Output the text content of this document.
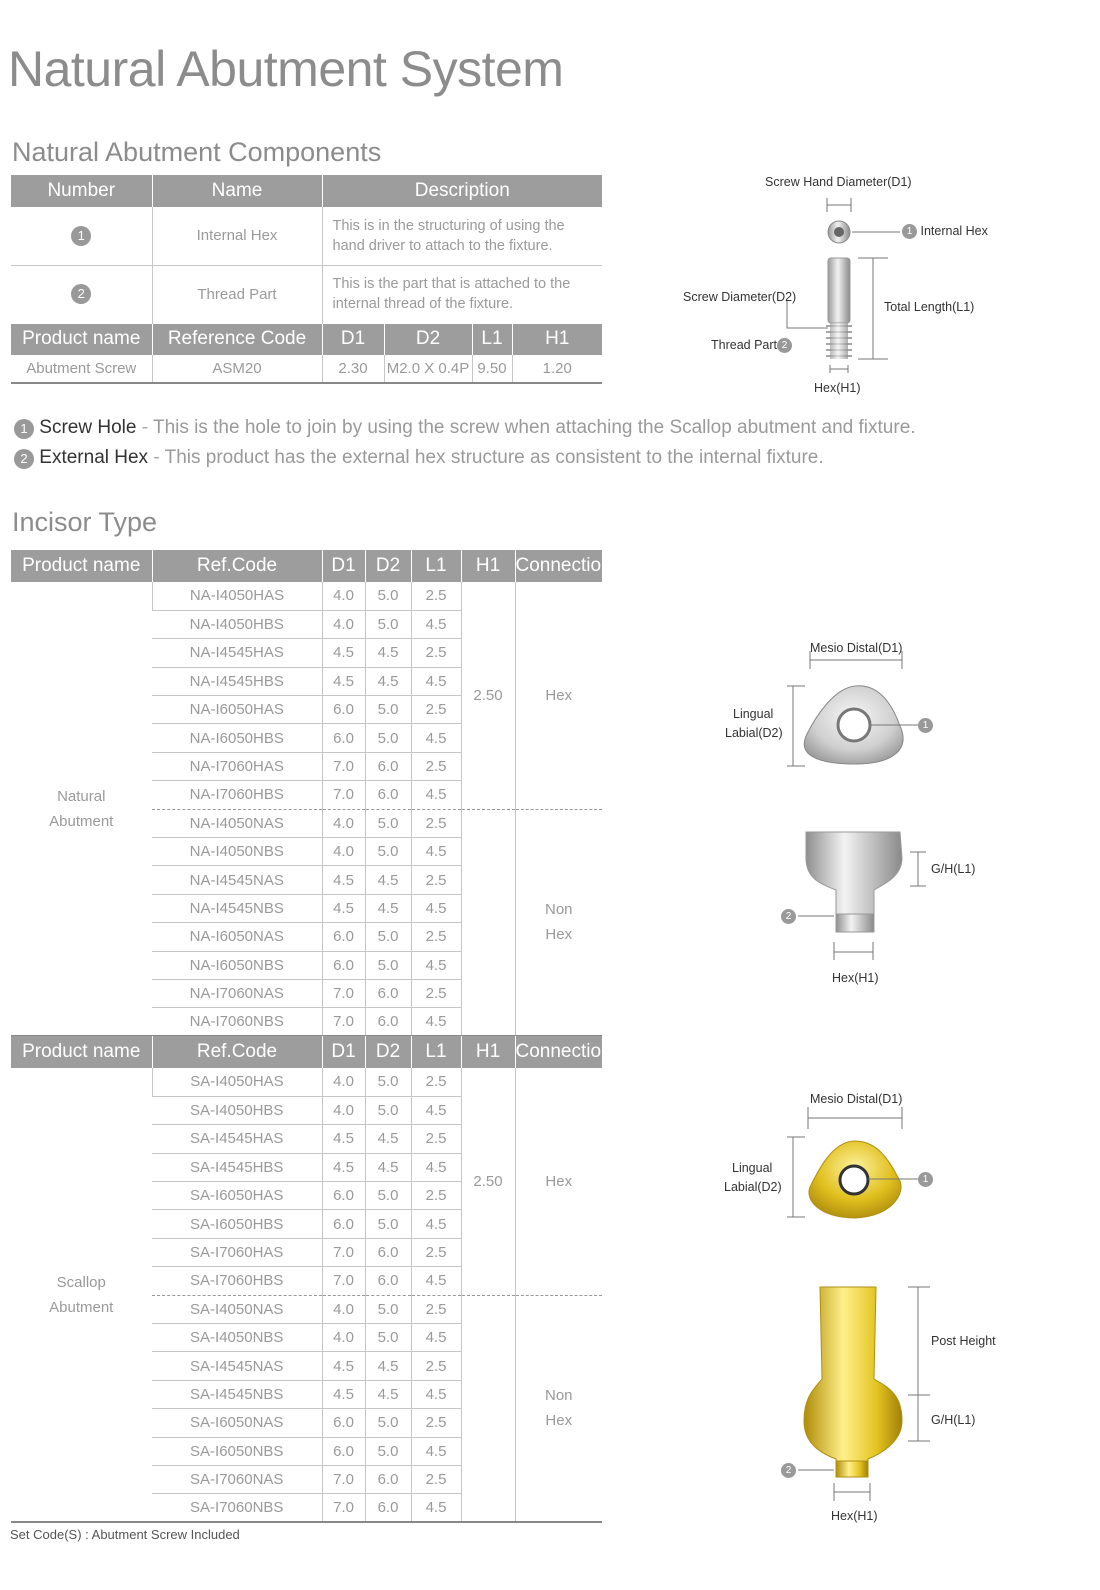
Natural Abutment System
Natural Abutment Components
Number	Name	Description			
1	Internal Hex	This is in the structuring of using the hand driver to attach to the fixture.			
2	Thread Part	This is the part that is attached to the internal thread of the fixture.			
Product name	Reference Code	D1	D2	L1	H1
Abutment Screw	ASM20	2.30	M2.0 X 0.4P	9.50	1.20
Screw Hand Diameter(D1)
1 Internal Hex
Screw Diameter(D2)
Total Length(L1)
Thread Part 2
Hex(H1)
1 Screw Hole - This is the hole to join by using the screw when attaching the Scallop abutment and fixture.
2 External Hex - This product has the external hex structure as consistent to the internal fixture.
Incisor Type
Product name	Ref.Code	D1	D2	L1	H1	Connection

Natural Abutment	NA-I4050HAS	4.0	5.0	2.5	2.50	Hex
	NA-I4050HBS	4.0	5.0	4.5		
	NA-I4545HAS	4.5	4.5	2.5		
	NA-I4545HBS	4.5	4.5	4.5		
	NA-I6050HAS	6.0	5.0	2.5		
	NA-I6050HBS	6.0	5.0	4.5		
	NA-I7060HAS	7.0	6.0	2.5		
	NA-I7060HBS	7.0	6.0	4.5		
	NA-I4050NAS	4.0	5.0	2.5		Non Hex

	NA-I4050NBS	4.0	5.0	4.5		
	NA-I4545NAS	4.5	4.5	2.5		
	NA-I4545NBS	4.5	4.5	4.5		
	NA-I6050NAS	6.0	5.0	2.5		
	NA-I6050NBS	6.0	5.0	4.5		
	NA-I7060NAS	7.0	6.0	2.5		
	NA-I7060NBS	7.0	6.0	4.5		
Product name	Ref.Code	D1	D2	L1	H1	Connection

Scallop Abutment	SA-I4050HAS	4.0	5.0	2.5	2.50	Hex
	SA-I4050HBS	4.0	5.0	4.5		
	SA-I4545HAS	4.5	4.5	2.5		
	SA-I4545HBS	4.5	4.5	4.5		
	SA-I6050HAS	6.0	5.0	2.5		
	SA-I6050HBS	6.0	5.0	4.5		
	SA-I7060HAS	7.0	6.0	2.5		
	SA-I7060HBS	7.0	6.0	4.5		
	SA-I4050NAS	4.0	5.0	2.5		Non Hex

	SA-I4050NBS	4.0	5.0	4.5		
	SA-I4545NAS	4.5	4.5	2.5		
	SA-I4545NBS	4.5	4.5	4.5		
	SA-I6050NAS	6.0	5.0	2.5		
	SA-I6050NBS	6.0	5.0	4.5		
	SA-I7060NAS	7.0	6.0	2.5		
	SA-I7060NBS	7.0	6.0	4.5		
Mesio Distal(D1)
Lingual
Labial(D2)
1
G/H(L1)
2
Hex(H1)
Mesio Distal(D1)
Lingual
Labial(D2)
1
Post Height
G/H(L1)
2
Hex(H1)
Set Code(S) : Abutment Screw Included
